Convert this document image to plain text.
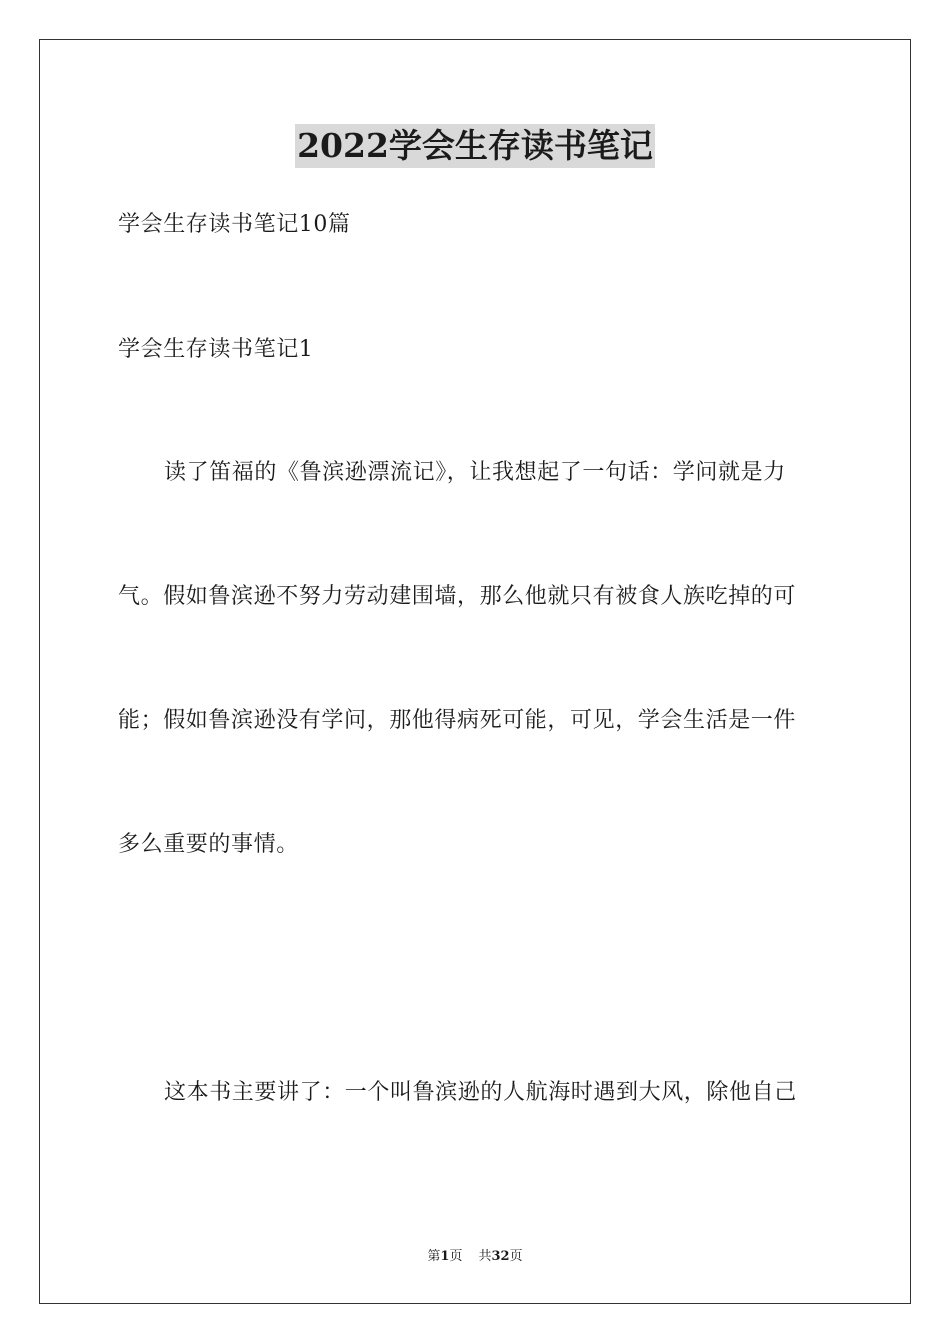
2022学会生存读书笔记
学会生存读书笔记10篇
学会生存读书笔记1
读了笛福的《鲁滨逊漂流记》，让我想起了一句话：学问就是力
气。假如鲁滨逊不努力劳动建围墙，那么他就只有被食人族吃掉的可
能；假如鲁滨逊没有学问，那他得病死可能，可见，学会生活是一件
多么重要的事情。
这本书主要讲了：一个叫鲁滨逊的人航海时遇到大风，除他自己
第1页 共32页
